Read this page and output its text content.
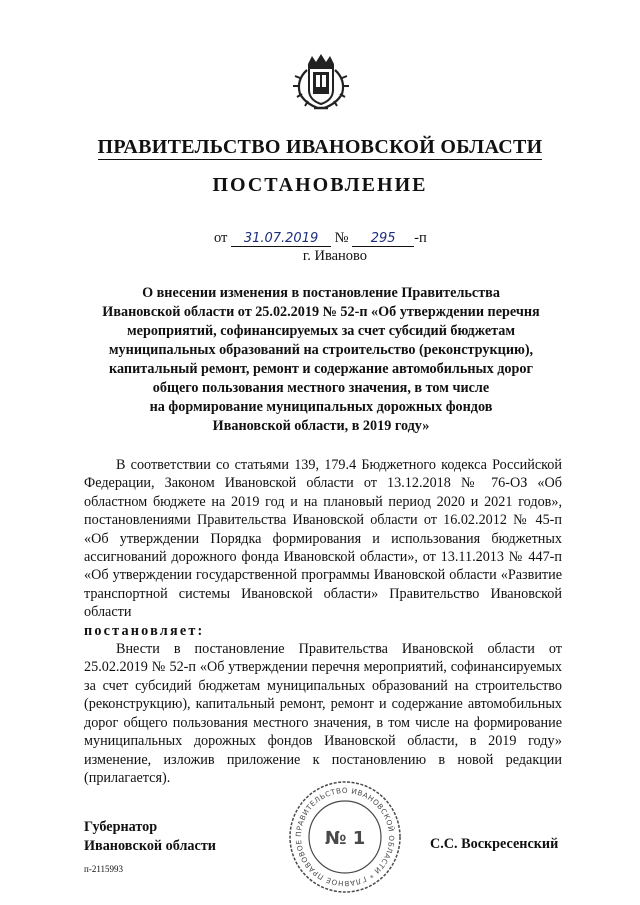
ПРАВИТЕЛЬСТВО ИВАНОВСКОЙ ОБЛАСТИ
ПОСТАНОВЛЕНИЕ
от 31.07.2019 № 295 -п
г. Иваново
О внесении изменения в постановление Правительства
Ивановской области от 25.02.2019 № 52-п «Об утверждении перечня
мероприятий, софинансируемых за счет субсидий бюджетам
муниципальных образований на строительство (реконструкцию),
капитальный ремонт, ремонт и содержание автомобильных дорог
общего пользования местного значения, в том числе
на формирование муниципальных дорожных фондов
Ивановской области, в 2019 году»

В соответствии со статьями 139, 179.4 Бюджетного кодекса Российской Федерации, Законом Ивановской области от 13.12.2018 № 76-ОЗ «Об областном бюджете на 2019 год и на плановый период 2020 и 2021 годов», постановлениями Правительства Ивановской области от 16.02.2012 № 45-п «Об утверждении Порядка формирования и использования бюджетных ассигнований дорожного фонда Ивановской области», от 13.11.2013 № 447-п «Об утверждении государственной программы Ивановской области «Развитие транспортной системы Ивановской области» Правительство Ивановской области

постановляет:

Внести в постановление Правительства Ивановской области от 25.02.2019 № 52-п «Об утверждении перечня мероприятий, софинансируемых за счет субсидий бюджетам муниципальных образований на строительство (реконструкцию), капитальный ремонт, ремонт и содержание автомобильных дорог общего пользования местного значения, в том числе на формирование муниципальных дорожных фондов Ивановской области, в 2019 году» изменение, изложив приложение к постановлению в новой редакции (прилагается).

Губернатор
Ивановской области
ПРАВИТЕЛЬСТВО ИВАНОВСКОЙ ОБЛАСТИ * ГЛАВНОЕ ПРАВОВОЕ	№ 1	С.С. Воскресенский
п-2115993
